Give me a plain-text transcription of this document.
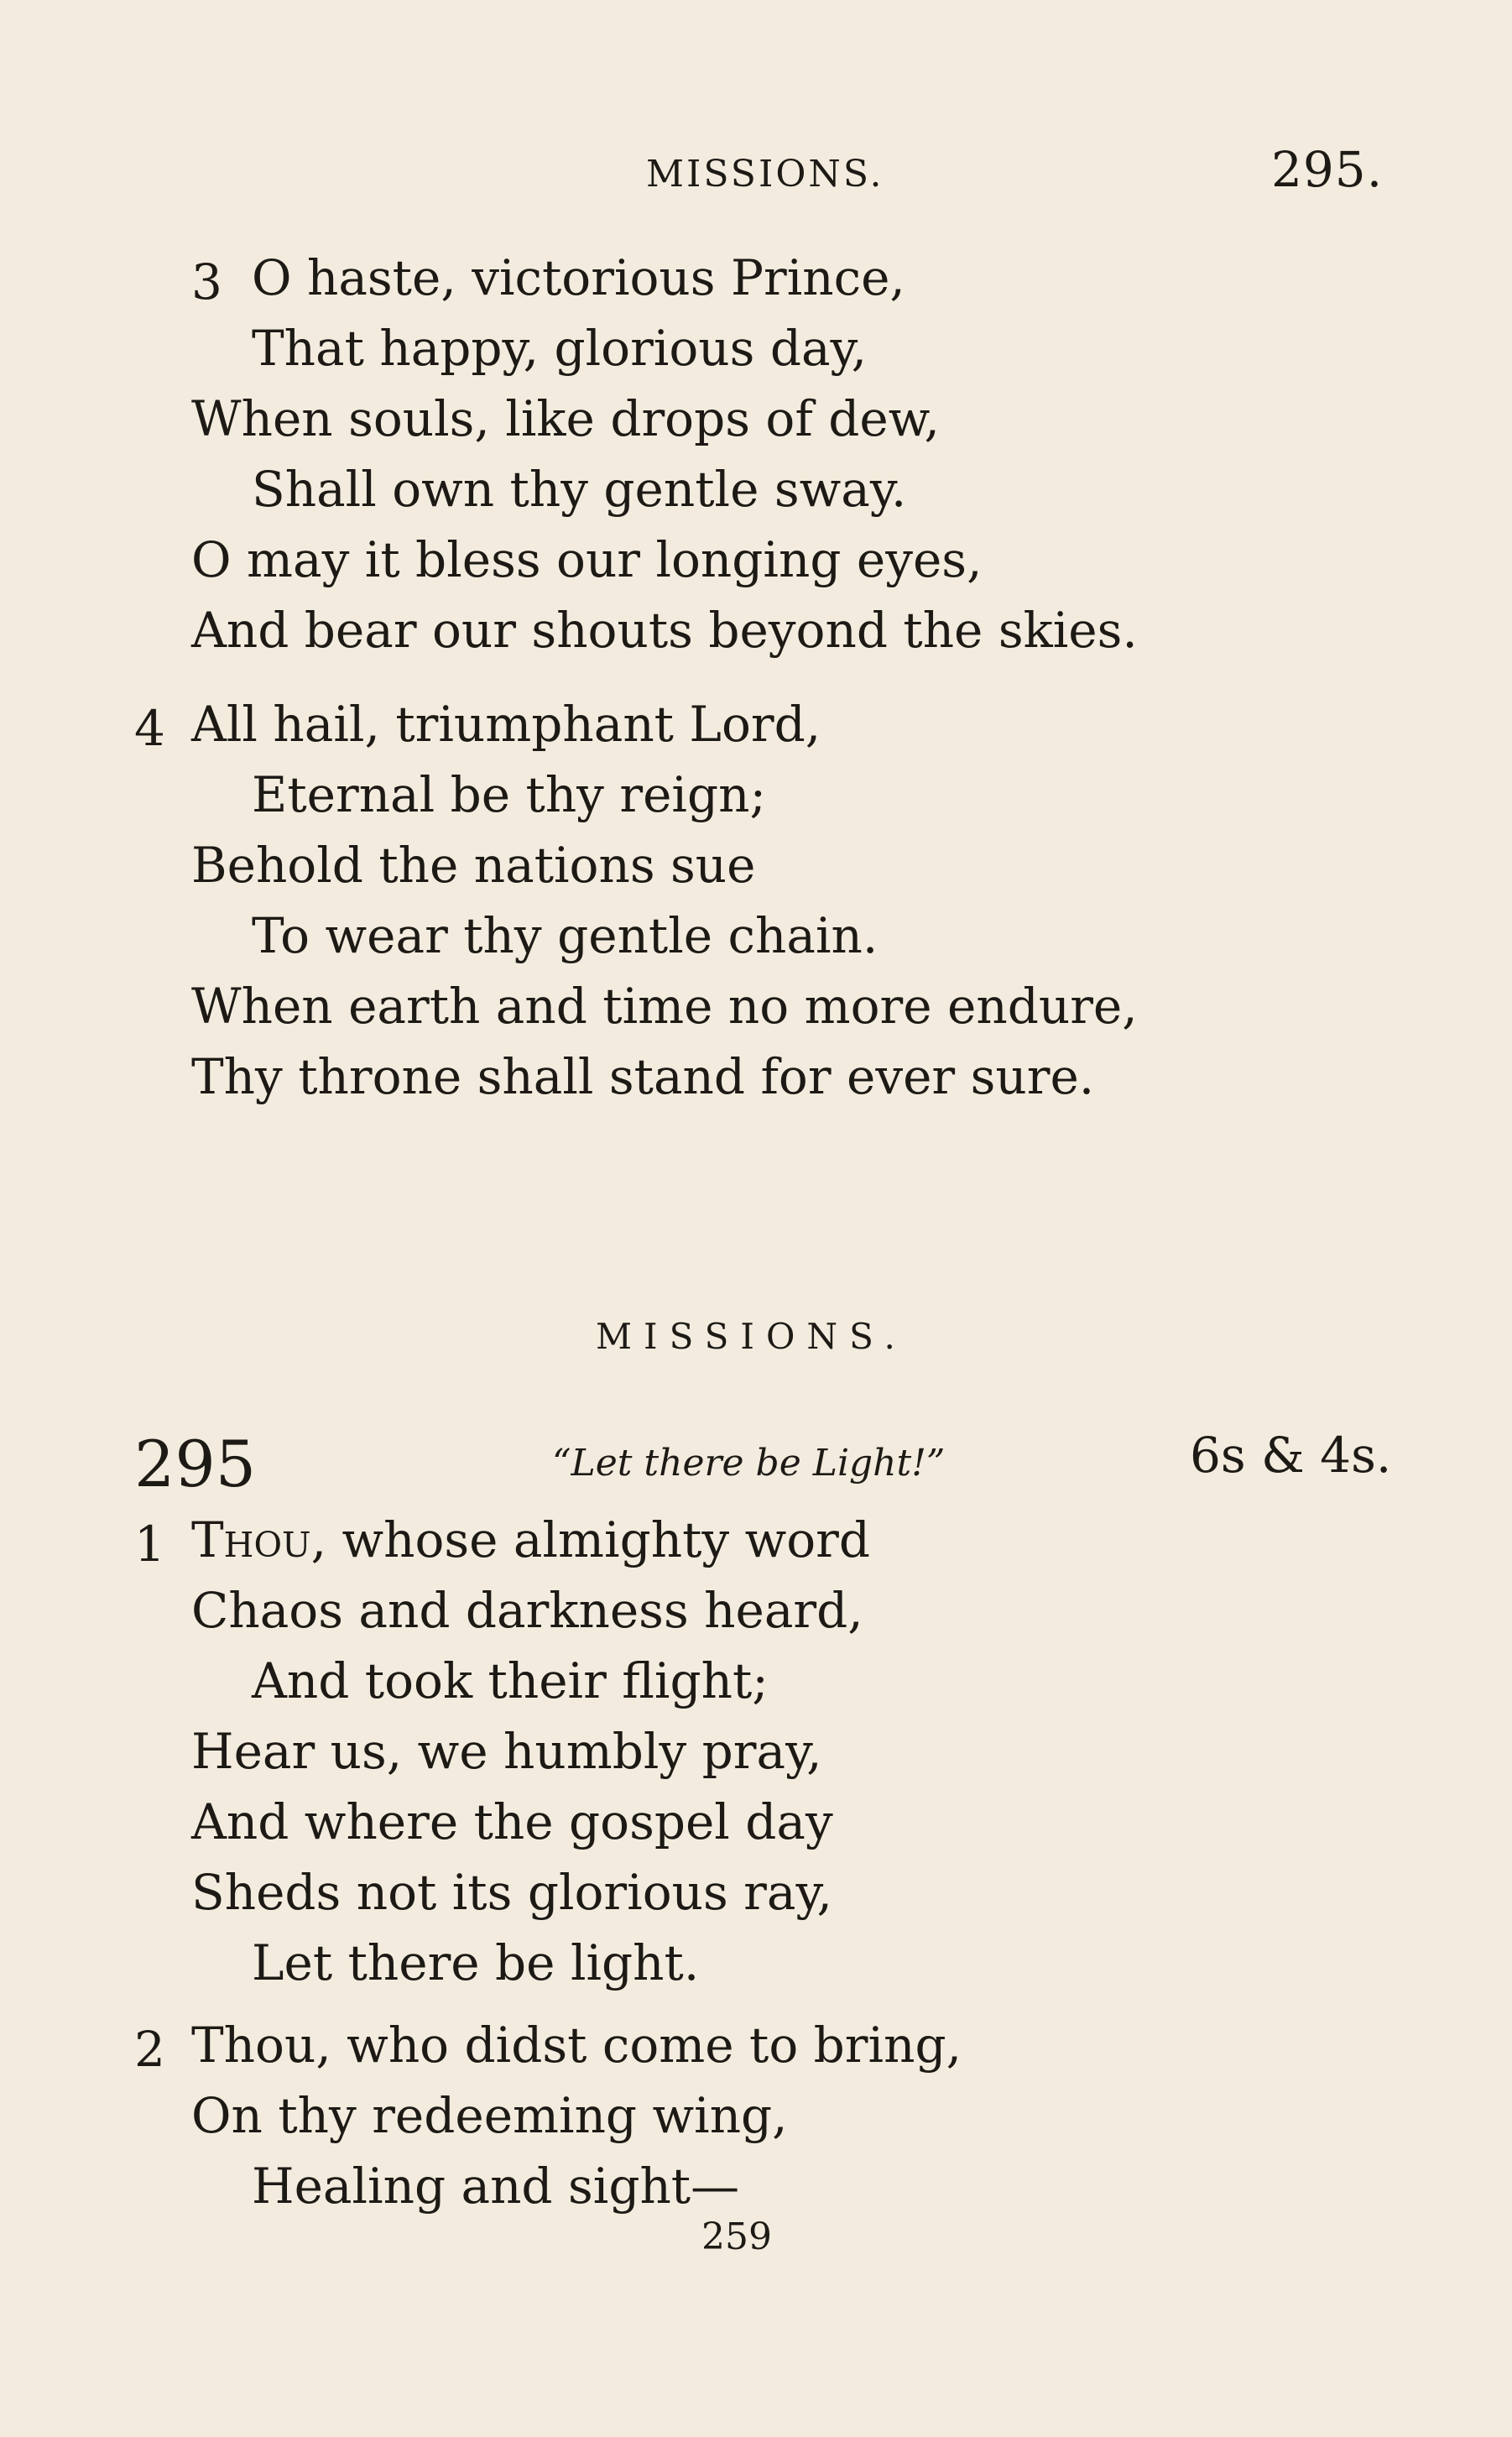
MISSIONS.	295.
3 O haste, victorious Prince,
That happy, glorious day,
When souls, like drops of dew,
Shall own thy gentle sway.
O may it bless our longing eyes,
And bear our shouts beyond the skies.
4 All hail, triumphant Lord,
Eternal be thy reign;
Behold the nations sue
To wear thy gentle chain.
When earth and time no more endure,
Thy throne shall stand for ever sure.
MISSIONS.
295	“Let there be Light!”	6s & 4s.
1 Thou, whose almighty word
Chaos and darkness heard,
And took their flight;
Hear us, we humbly pray,
And where the gospel day
Sheds not its glorious ray,
Let there be light.
2 Thou, who didst come to bring,
On thy redeeming wing,
Healing and sight—
259
